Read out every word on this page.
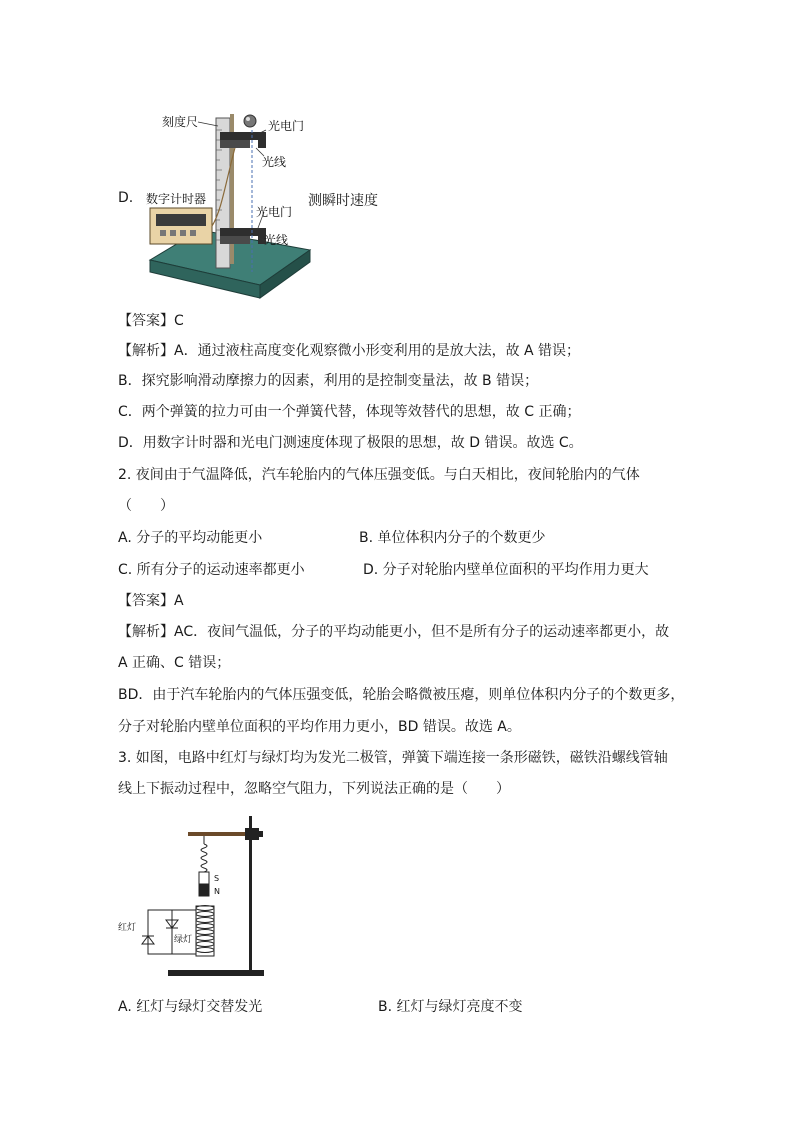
D.
刻度尺	光电门
光线
数字计时器
光电门
光线
测瞬时速度
【答案】C
【解析】A．通过液柱高度变化观察微小形变利用的是放大法，故 A 错误；
B．探究影响滑动摩擦力的因素，利用的是控制变量法，故 B 错误；
C．两个弹簧的拉力可由一个弹簧代替，体现等效替代的思想，故 C 正确；
D．用数字计时器和光电门测速度体现了极限的思想，故 D 错误。故选 C。
2. 夜间由于气温降低，汽车轮胎内的气体压强变低。与白天相比，夜间轮胎内的气体
（　　）
A. 分子的平均动能更小	B. 单位体积内分子的个数更少
C. 所有分子的运动速率都更小	D. 分子对轮胎内壁单位面积的平均作用力更大
【答案】A
【解析】AC．夜间气温低，分子的平均动能更小，但不是所有分子的运动速率都更小，故
A 正确、C 错误；
BD．由于汽车轮胎内的气体压强变低，轮胎会略微被压瘪，则单位体积内分子的个数更多，
分子对轮胎内壁单位面积的平均作用力更小，BD 错误。故选 A。
3. 如图，电路中红灯与绿灯均为发光二极管，弹簧下端连接一条形磁铁，磁铁沿螺线管轴
线上下振动过程中，忽略空气阻力，下列说法正确的是（　　）
S
N
红灯
绿灯
A. 红灯与绿灯交替发光	B. 红灯与绿灯亮度不变
